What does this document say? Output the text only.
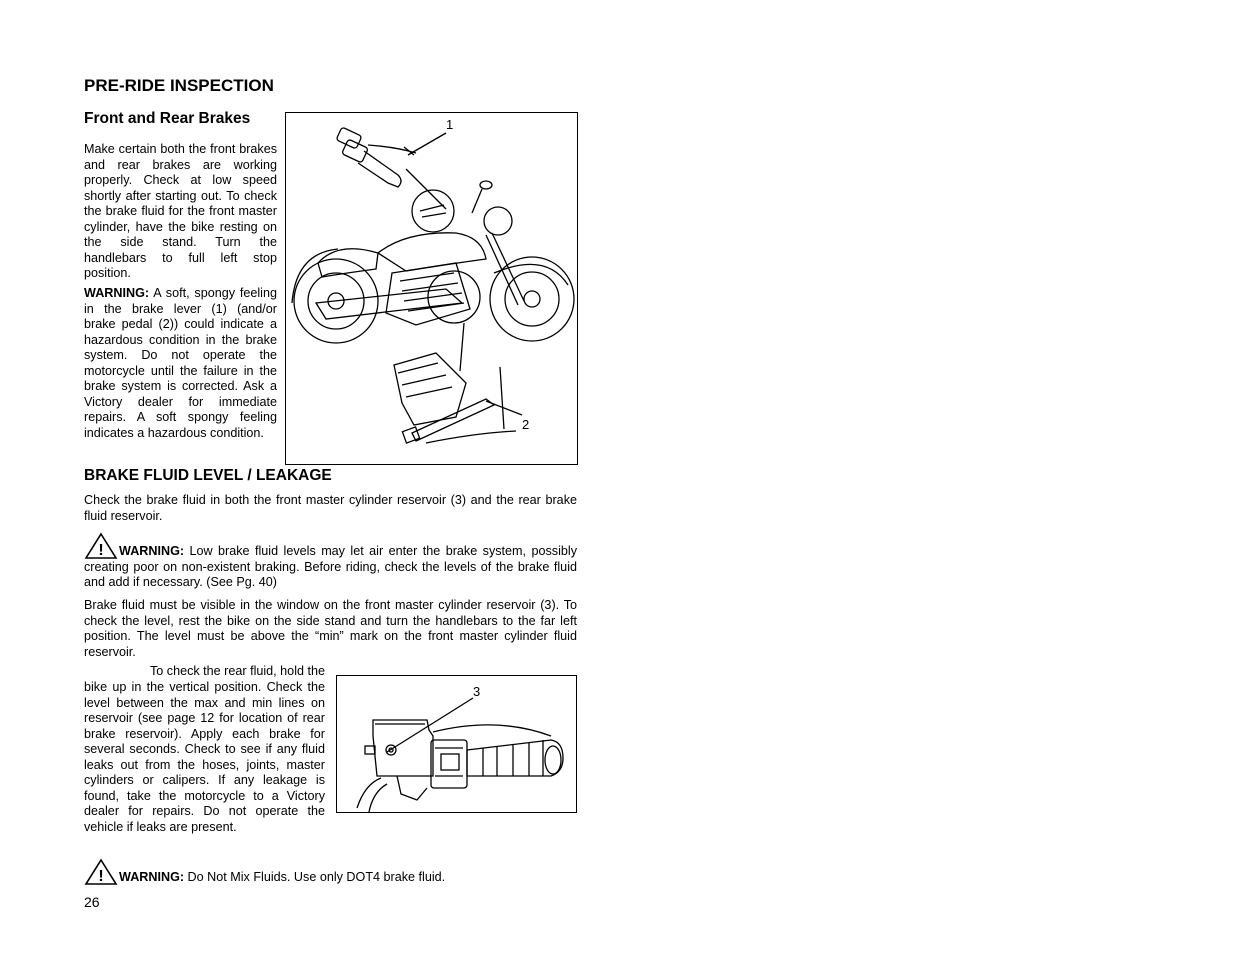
PRE-RIDE INSPECTION
Front and Rear Brakes
Make certain both the front brakes and rear brakes are working properly. Check at low speed shortly after starting out. To check the brake fluid for the front master cylinder, have the bike resting on the side stand. Turn the handlebars to full left stop position.
WARNING: A soft, spongy feeling in the brake lever (1) (and/or brake pedal (2)) could indicate a hazardous condition in the brake system. Do not operate the motorcycle until the failure in the brake system is corrected. Ask a Victory dealer for immediate repairs. A soft spongy feeling indicates a hazardous condition.
1
2
BRAKE FLUID LEVEL / LEAKAGE
Check the brake fluid in both the front master cylinder reservoir (3) and the rear brake fluid reservoir.
!	WARNING: Low brake fluid levels may let air enter the brake system, possibly creating poor on non-existent braking. Before riding, check the levels of the brake fluid and add if necessary. (See Pg. 40)
Brake fluid must be visible in the window on the front master cylinder reservoir (3). To check the level, rest the bike on the side stand and turn the handlebars to the far left position. The level must be above the “min” mark on the front master cylinder fluid reservoir.
To check the rear fluid, hold the
bike up in the vertical position. Check the level between the max and min lines on reservoir (see page 12 for location of rear brake reservoir). Apply each brake for several seconds. Check to see if any fluid leaks out from the hoses, joints, master cylinders or calipers. If any leakage is found, take the motorcycle to a Victory dealer for repairs. Do not operate the vehicle if leaks are present.
3
! WARNING: Do Not Mix Fluids. Use only DOT4 brake fluid.
26
